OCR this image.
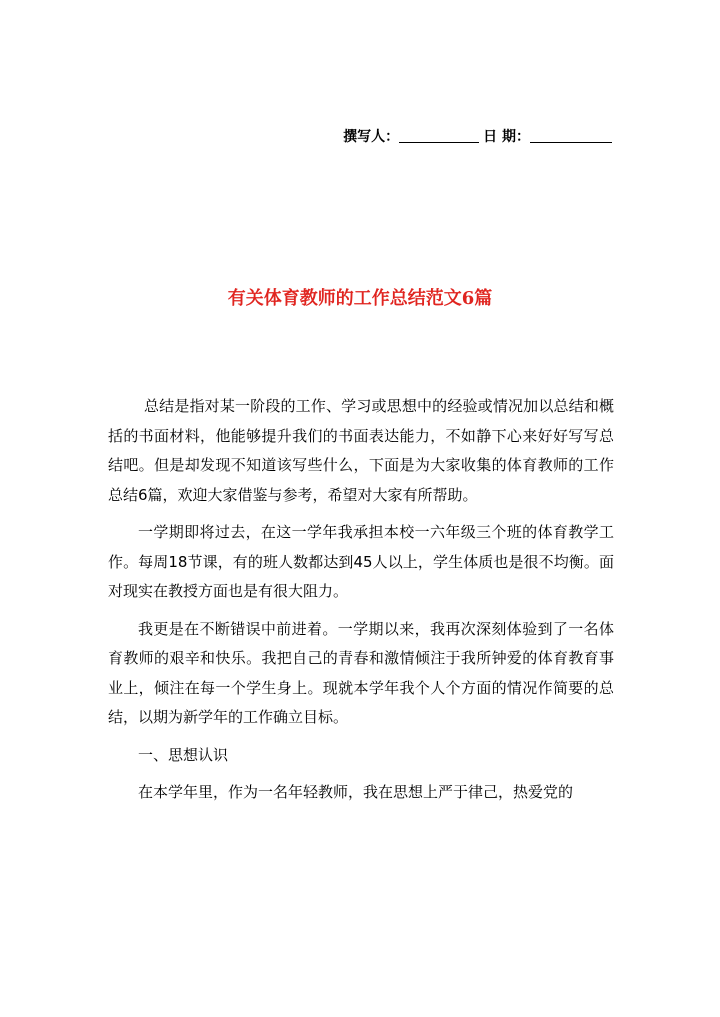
撰写人：	日 期：
有关体育教师的工作总结范文6篇

总结是指对某一阶段的工作、学习或思想中的经验或情况加以总结和概括的书面材料，他能够提升我们的书面表达能力，不如静下心来好好写写总结吧。但是却发现不知道该写些什么，下面是为大家收集的体育教师的工作总结6篇，欢迎大家借鉴与参考，希望对大家有所帮助。

一学期即将过去，在这一学年我承担本校一六年级三个班的体育教学工作。每周18节课，有的班人数都达到45人以上，学生体质也是很不均衡。面对现实在教授方面也是有很大阻力。

我更是在不断错误中前进着。一学期以来，我再次深刻体验到了一名体育教师的艰辛和快乐。我把自己的青春和激情倾注于我所钟爱的体育教育事业上，倾注在每一个学生身上。现就本学年我个人个方面的情况作简要的总结，以期为新学年的工作确立目标。

一、思想认识

在本学年里，作为一名年轻教师，我在思想上严于律己，热爱党的
